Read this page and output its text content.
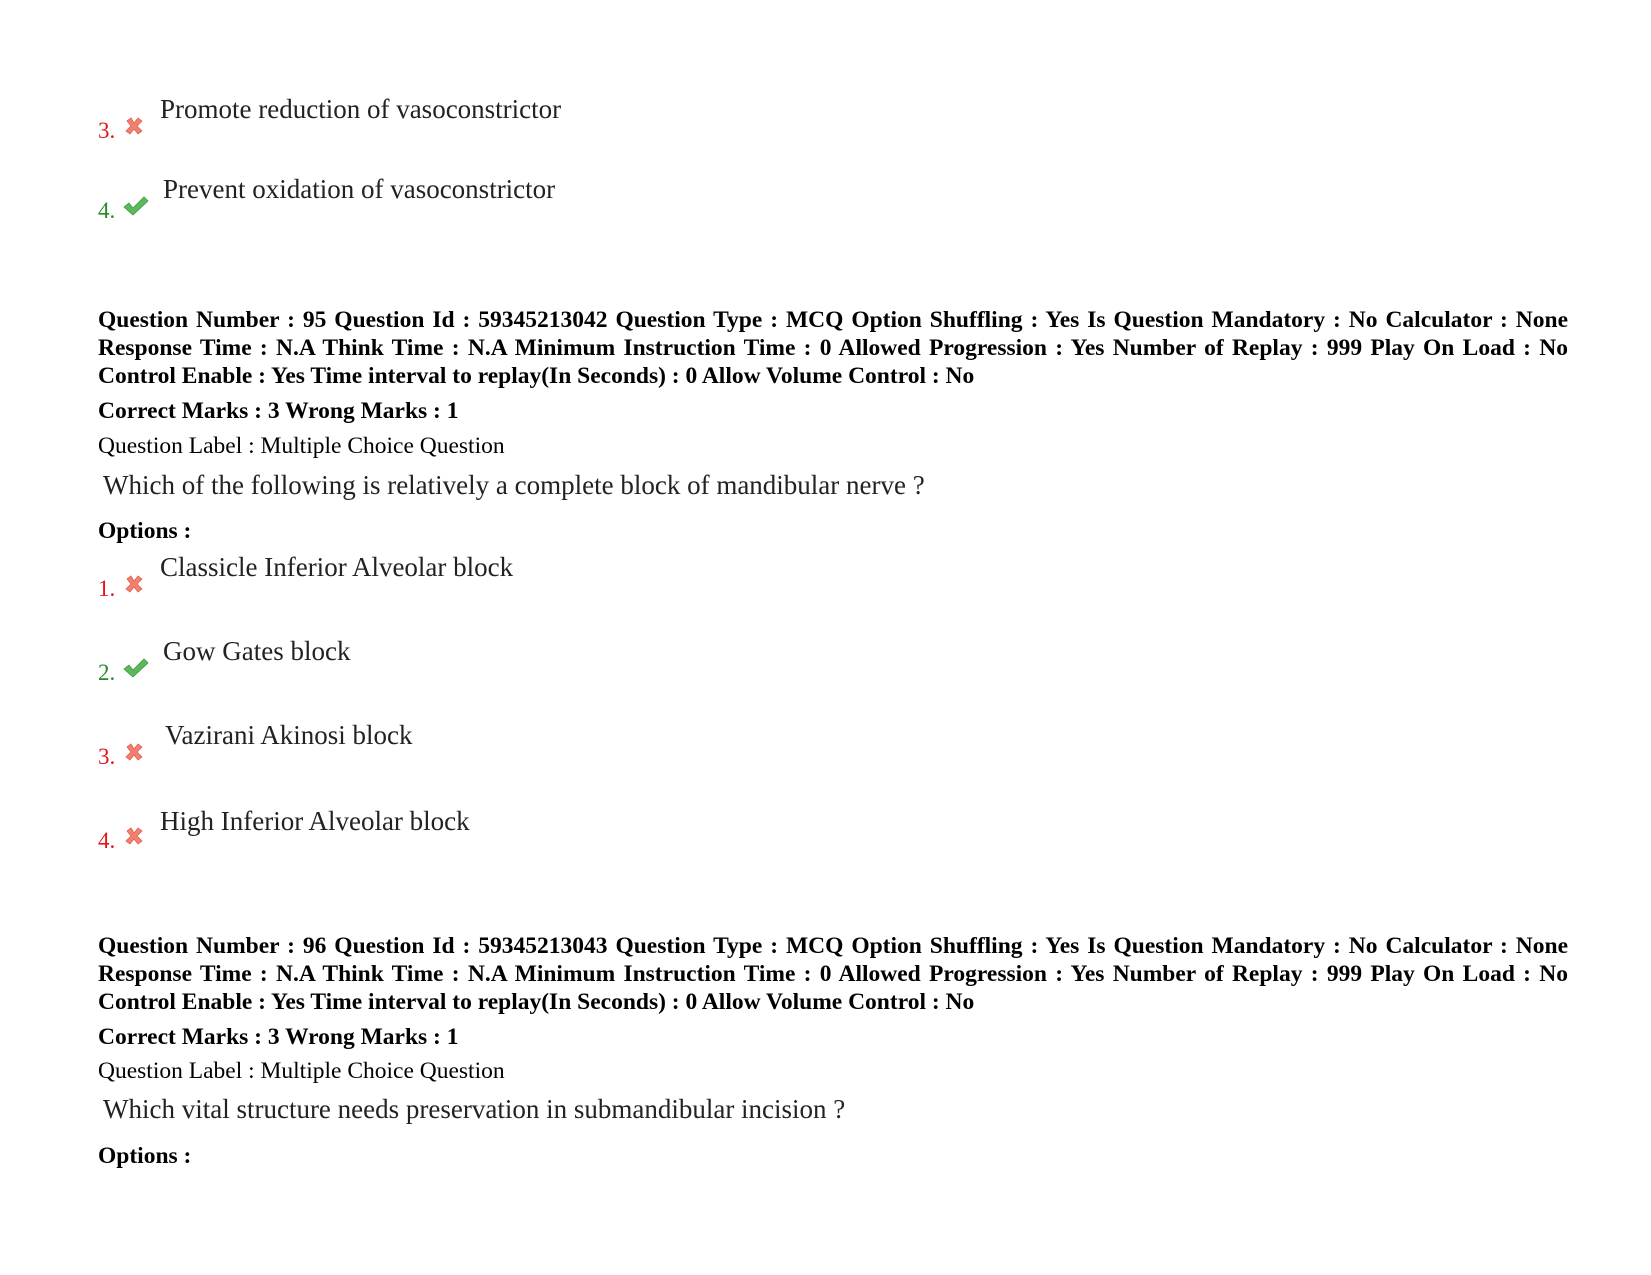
3.
Promote reduction of vasoconstrictor
4.
Prevent oxidation of vasoconstrictor
Question Number : 95 Question Id : 59345213042 Question Type : MCQ Option Shuffling : Yes Is Question Mandatory : No Calculator : None Response Time : N.A Think Time : N.A Minimum Instruction Time : 0 Allowed Progression : Yes Number of Replay : 999 Play On Load : No Control Enable : Yes Time interval to replay(In Seconds) : 0 Allow Volume Control : No
Correct Marks : 3 Wrong Marks : 1
Question Label : Multiple Choice Question
Which of the following is relatively a complete block of mandibular nerve ?
Options :
1.
Classicle Inferior Alveolar block
2.
Gow Gates block
3.
Vazirani Akinosi block
4.
High Inferior Alveolar block
Question Number : 96 Question Id : 59345213043 Question Type : MCQ Option Shuffling : Yes Is Question Mandatory : No Calculator : None Response Time : N.A Think Time : N.A Minimum Instruction Time : 0 Allowed Progression : Yes Number of Replay : 999 Play On Load : No Control Enable : Yes Time interval to replay(In Seconds) : 0 Allow Volume Control : No
Correct Marks : 3 Wrong Marks : 1
Question Label : Multiple Choice Question
Which vital structure needs preservation in submandibular incision ?
Options :
